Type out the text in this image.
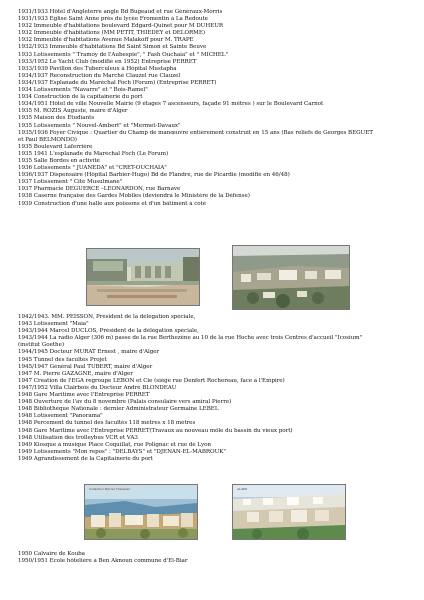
1931/1933 Hôtel d'Angleterre angle Bd Bugeaud et rue Généraux-Morris
1931/1933 Eglise Saint Anne près du lycée Fromentin à La Redoute
1932 Immeuble d'habitations boulevard Edgard-Quinet pour M DUHEUR
1932 Immeuble d'habitations (MM PETIT, THIEDEY et DELORME)
1932 Immeuble d'habitations Avenue Malakoff pour M. TRAPE
1932/1933 Immeuble d'habitations Bd Saint Simon et Sainte Beuve
1933 Lotissements " Tramoy de l'Aubespie", " Fash Ouchaia" et " MICHEL"
1933/1952 Le Yacht Club (modifié en 1952) Entreprise PERRET
1933/1939 Pavillon des Tuberculeux à Hôpital Mustapha
1934/1937 Reconstruction du Marché Clauzel rue Clauzel
1934/1937 Esplanade du Maréchal Foch (Forum) (Entreprise PERRET)
1934 Lotissements "Navarre" et " Bois-Ramel"
1934 Construction de la capitainerie du port
1934/1951 Hôtel de ville Nouvelle Mairie (9 étages 7 ascenseurs, façade 91 mètres ) sur le Boulevard Carnot
1935 M. ROZIS Auguste, maire d'Alger
1935 Maison des Etudiants
1935 Lotissements " Nouvel-Ambert" et "Mermet-Davaux"
1935/1936 Foyer Civique : Quartier du Champ de manœuvre entièrement construit en 15 ans (Bas reliefs de Georges BEGUET
et Paul BELMONDO)
1935 Boulevard Laferrière
1935 1941 L'esplanade du Maréchal Foch (Le Forum)
1935 Salle Bordes en activité
1936 Lotissements " JUANEDA" et "CRET-OUCHAIA"
1936/1937 Dispensaire (Hôpital Barbier-Hugo) Bd de Flandre, rue de Picardie (modifié en 46/48)
1937 Lotissement " Cité Musulmane"
1937 Pharmacie DEGUERCE –LEONARDON, rue Barnave
1938 Caserne française des Gardes Mobiles (deviendra le Ministère de la Défense)
1939 Construction d'une halle aux poissons et d'un bâtiment à coté
1942/1943. MM. PEISSON, Président de la délégation spéciale,
1943 Lotissement "Maia"
1943/1944 Marcel DUCLOS, Président de la délégation spéciale,
1943/1944 La radio Alger (306 m) passe de la rue Berthezène au 10 de la rue Hoche avec trois Centres d'accueil "Icosium"
(institut Goethe)
1944/1945 Docteur MURAT Ernest , maire d'Alger
1945 Tunnel des facultés Projet
1945/1947 Général Paul TUBERT, maire d'Alger
1947 M. Pierre GAZAGNE, maire d'Alger
1947 Création de l'EGA regroupe LEBON et Cie (siège rue Denfert Rochereau, face à l'Empire)
1947/1952 Villa Clairbois du Docteur André BLONDEAU
1948 Gare Maritime avec l'Entreprise PERRET
1948 Ouverture de l'av du 8 novembre (Palais consulaire vers amiral Pierre)
1948 Bibliothèque Nationale : dernier Administrateur Germaine LEBEL
1948 Lotissement "Panorama"
1948 Percement du tunnel des facultés 118 mètres x 18 mètres
1948 Gare Maritime avec l'Entreprise PERRET(Travaux au nouveau môle du bassin du vieux port)
1948 Utilisation des trolleybus VCR et VA3
1949 Kiosque à musique Place Coquillat, rue Polignac et rue de Lyon
1949 Lotissements "Mon repos" : "DELBAYS" et "DJENAN-EL-MABROUK"
1949 Agrandissement de la Capitainerie du port
Collection Marcel Chevalier	ALGER
1950 Calvaire de Kouba
1950/1951 Ecole hôtelière à Ben Aknoun commune d'El-Biar
